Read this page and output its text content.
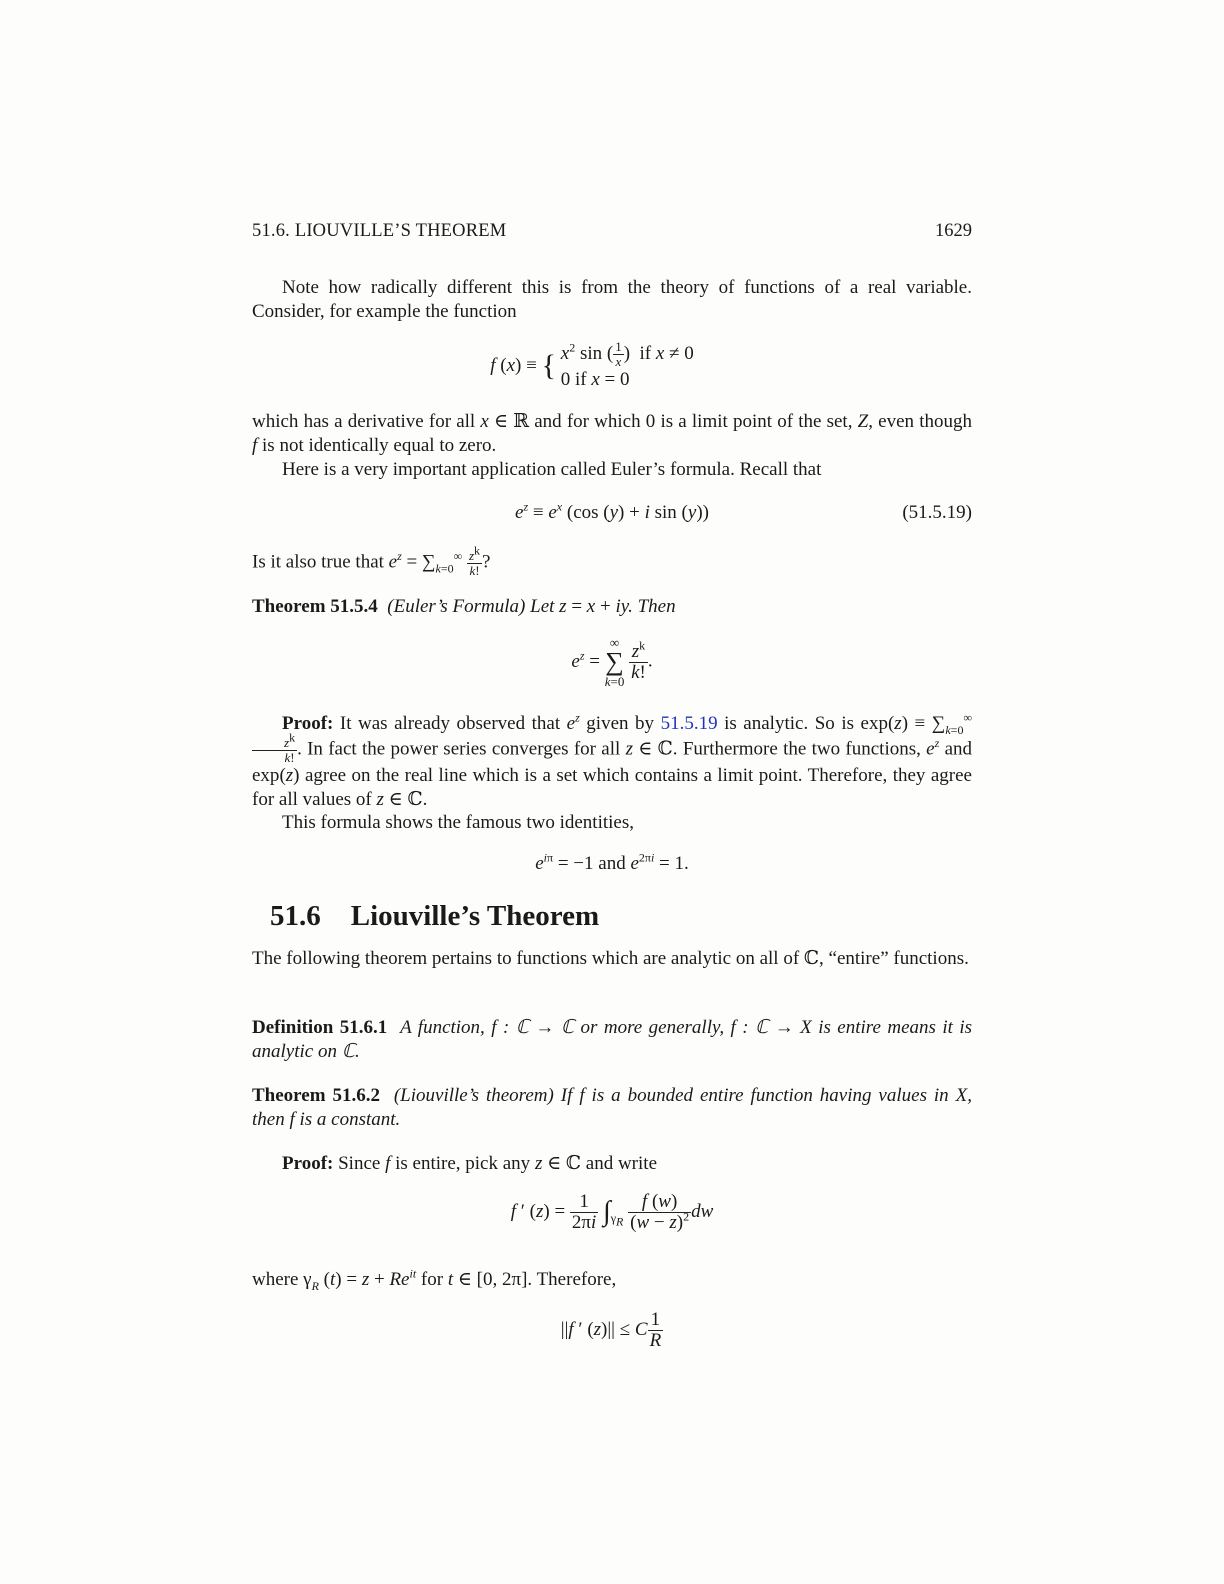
51.6. LIOUVILLE’S THEOREM	1629
Note how radically different this is from the theory of functions of a real variable. Consider, for example the function
f (x) ≡ { $x^2$ sin ( $\frac{1}{x}$ )  if x ≠ 0
0 if x = 0
which has a derivative for all x ∈ ℝ and for which 0 is a limit point of the set, Z, even though f is not identically equal to zero.
Here is a very important application called Euler’s formula. Recall that
$e^z \equiv e^x$ (cos (y) + i sin (y))	(51.5.19)
Is it also true that $e^z = \sum_{k=0}^\infty \frac{z^k}{k!}$ ?
Theorem 51.5.4 (Euler’s Formula) Let z = x + iy. Then
$e^z$ =
∞
∑
k=0
$\frac{z^k}{k!}$ .
Proof: It was already observed that $e^z$ given by 51.5.19 is analytic. So is $\exp(z) \equiv \sum_{k=0}^\infty$
$\frac{z^k}{k!}$ . In fact the power series converges for all z ∈ ℂ. Furthermore the two functions, $e^z$ and exp(z) agree on the real line which is a set which contains a limit point. Therefore, they agree for all values of z ∈ ℂ.
This formula shows the famous two identities,
$e^{i\pi} = -1$ and $e^{2\pi i} = 1$.
51.6 Liouville’s Theorem
The following theorem pertains to functions which are analytic on all of ℂ, “entire” functions.
Definition 51.6.1 A function, f : ℂ → ℂ or more generally, f : ℂ → X is entire means it is analytic on ℂ.
Theorem 51.6.2 (Liouville’s theorem) If f is a bounded entire function having values in X, then f is a constant.
Proof: Since f is entire, pick any z ∈ ℂ and write
f ′ $(z) = \frac{1}{2\pi i} \int_{\gamma_R} \frac{f (w)}{(w - z)^2}$ dw
where $\gamma_R$ $(t) = z + Re^{it}$ for t ∈ [0, 2π]. Therefore,
||f ′ (z)|| ≤ C $\frac{1}{R}$
